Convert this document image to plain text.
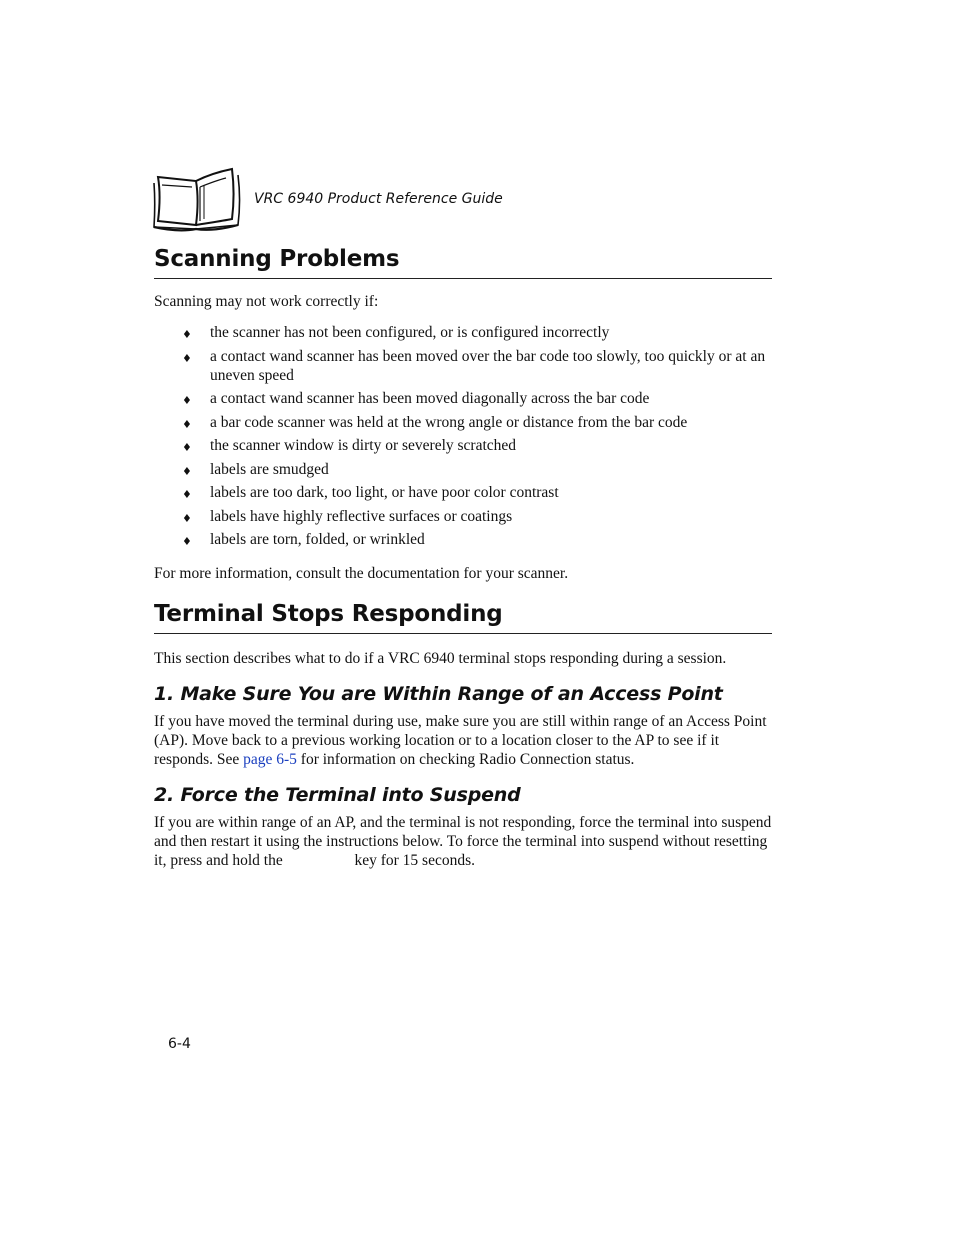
VRC 6940 Product Reference Guide
Scanning Problems

Scanning may not work correctly if:

♦ the scanner has not been configured, or is configured incorrectly
♦ a contact wand scanner has been moved over the bar code too slowly, too quickly or at an uneven speed
♦ a contact wand scanner has been moved diagonally across the bar code
♦ a bar code scanner was held at the wrong angle or distance from the bar code
♦ the scanner window is dirty or severely scratched
♦ labels are smudged
♦ labels are too dark, too light, or have poor color contrast
♦ labels have highly reflective surfaces or coatings
♦ labels are torn, folded, or wrinkled

For more information, consult the documentation for your scanner.

Terminal Stops Responding

This section describes what to do if a VRC 6940 terminal stops responding during a session.

1. Make Sure You are Within Range of an Access Point

If you have moved the terminal during use, make sure you are still within range of an Access Point (AP). Move back to a previous working location or to a location closer to the AP to see if it responds. See page 6-5 for information on checking Radio Connection status.

2. Force the Terminal into Suspend

If you are within range of an AP, and the terminal is not responding, force the terminal into suspend and then restart it using the instructions below. To force the terminal into suspend without resetting it, press and hold the	key for 15 seconds.

6-4
